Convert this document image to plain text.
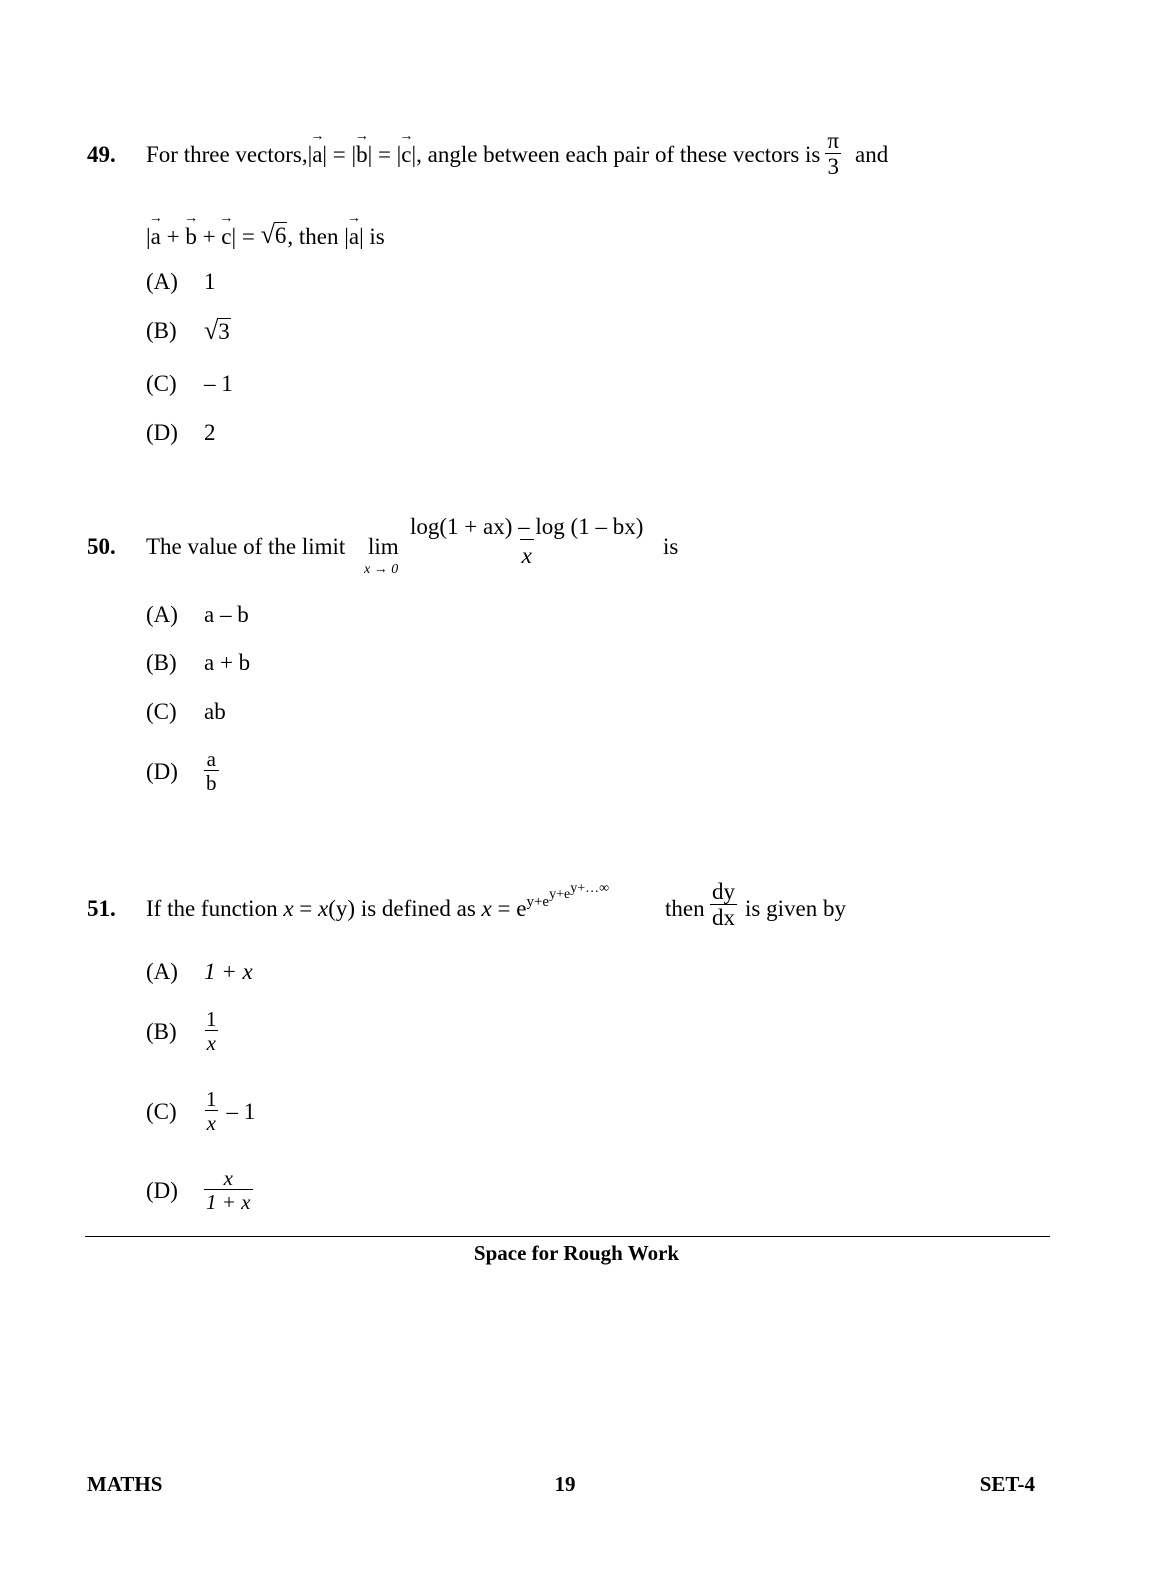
49. For three vectors, | → a | = | → b | = | → c | , angle between each pair of these vectors is $\frac{\pi}{3}$ and
| → a + → b + → c | =
√ 6 , then | → a | is
(A) 1
(B)	√ 3
(C) – 1
(D) 2
50. The value of the limit lim
x → 0
$\frac{\log(1 + ax) - \log (1 - bx)}{x}$ is
(A) a – b
(B) a + b
(C) ab
(D)	$\frac{a}{b}$
51. If the function x = x(y) is defined as $x = e^{y+ey+ey+\dots\infty}$
then $\frac{dy}{dx}$ is given by
(A) 1 + x
(B)	$\frac{1}{x}$
(C)	$\frac{1}{x} - 1$
(D)	$\frac{x}{1 + x}$
Space for Rough Work
MATHS	19	SET-4
